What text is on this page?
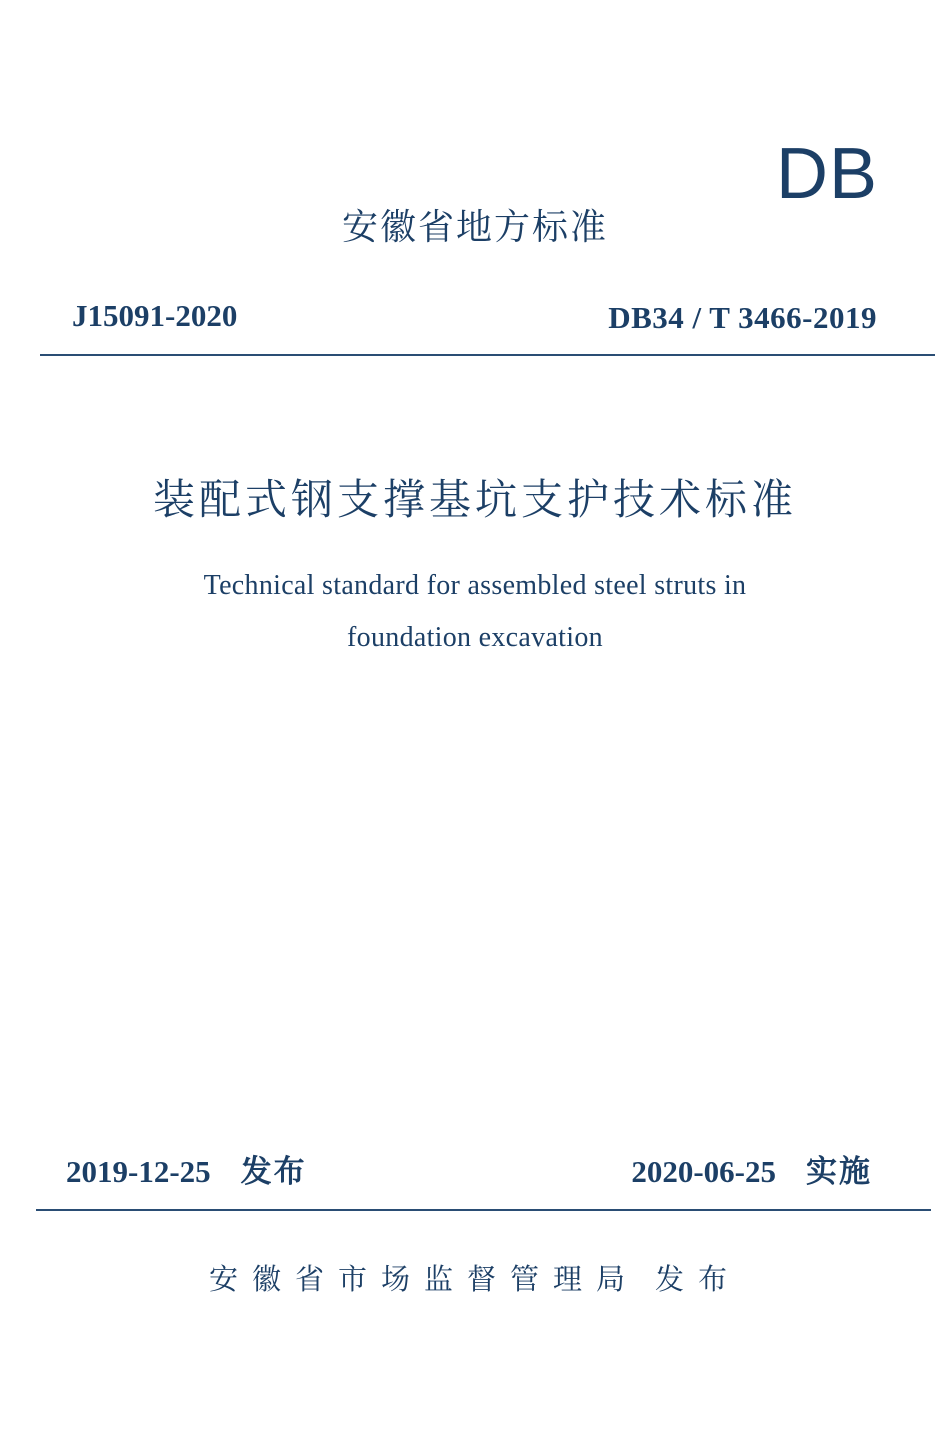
DB
安徽省地方标准
J15091-2020	DB34 / T 3466-2019
装配式钢支撑基坑支护技术标准
Technical standard for assembled steel struts in
foundation excavation
2019-12-25 发布	2020-06-25 实施
安徽省市场监督管理局 发布
